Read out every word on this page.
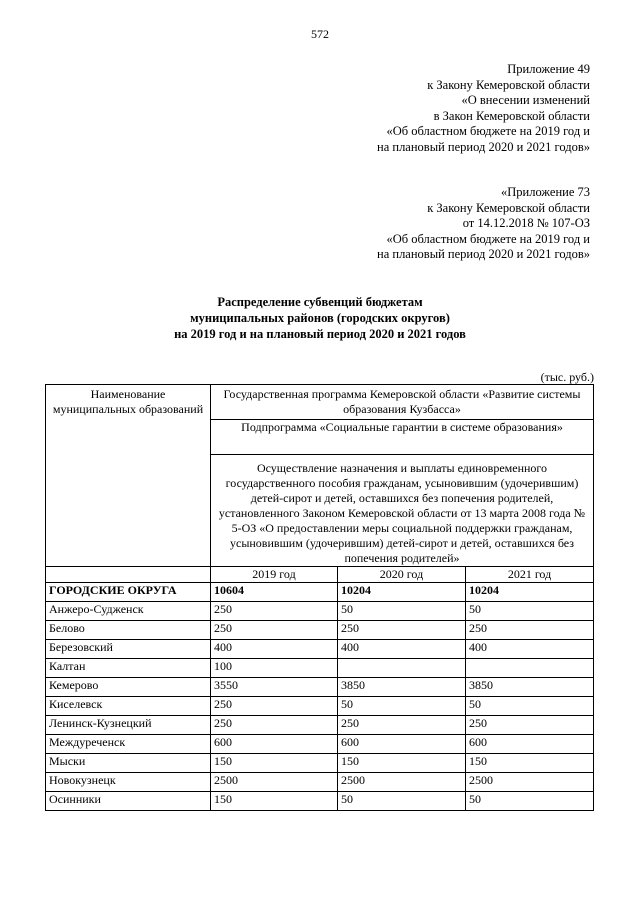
572
Приложение 49
к Закону Кемеровской области
«О внесении изменений
в Закон Кемеровской области
«Об областном бюджете на 2019 год и
на плановый период 2020 и 2021 годов»
«Приложение 73
к Закону Кемеровской области
от 14.12.2018 № 107-ОЗ
«Об областном бюджете на 2019 год и
на плановый период 2020 и 2021 годов»
Распределение субвенций бюджетам
муниципальных районов (городских округов)
на 2019 год и на плановый период 2020 и 2021 годов
(тыс. руб.)
Наименование муниципальных образований	Государственная программа Кемеровской области «Развитие системы образования Кузбасса»		
	Подпрограмма «Социальные гарантии в системе образования»		
	Осуществление назначения и выплаты единовременного государственного пособия гражданам, усыновившим (удочерившим) детей-сирот и детей, оставшихся без попечения родителей, установленного Законом Кемеровской области от 13 марта 2008 года № 5-ОЗ «О предоставлении меры социальной поддержки гражданам, усыновившим (удочерившим) детей-сирот и детей, оставшихся без попечения родителей»		
	2019 год	2020 год	2021 год
ГОРОДСКИЕ ОКРУГА	10604	10204	10204
Анжеро-Судженск	250	50	50
Белово	250	250	250
Березовский	400	400	400
Калтан	100		
Кемерово	3550	3850	3850
Киселевск	250	50	50
Ленинск-Кузнецкий	250	250	250
Междуреченск	600	600	600
Мыски	150	150	150
Новокузнецк	2500	2500	2500
Осинники	150	50	50
